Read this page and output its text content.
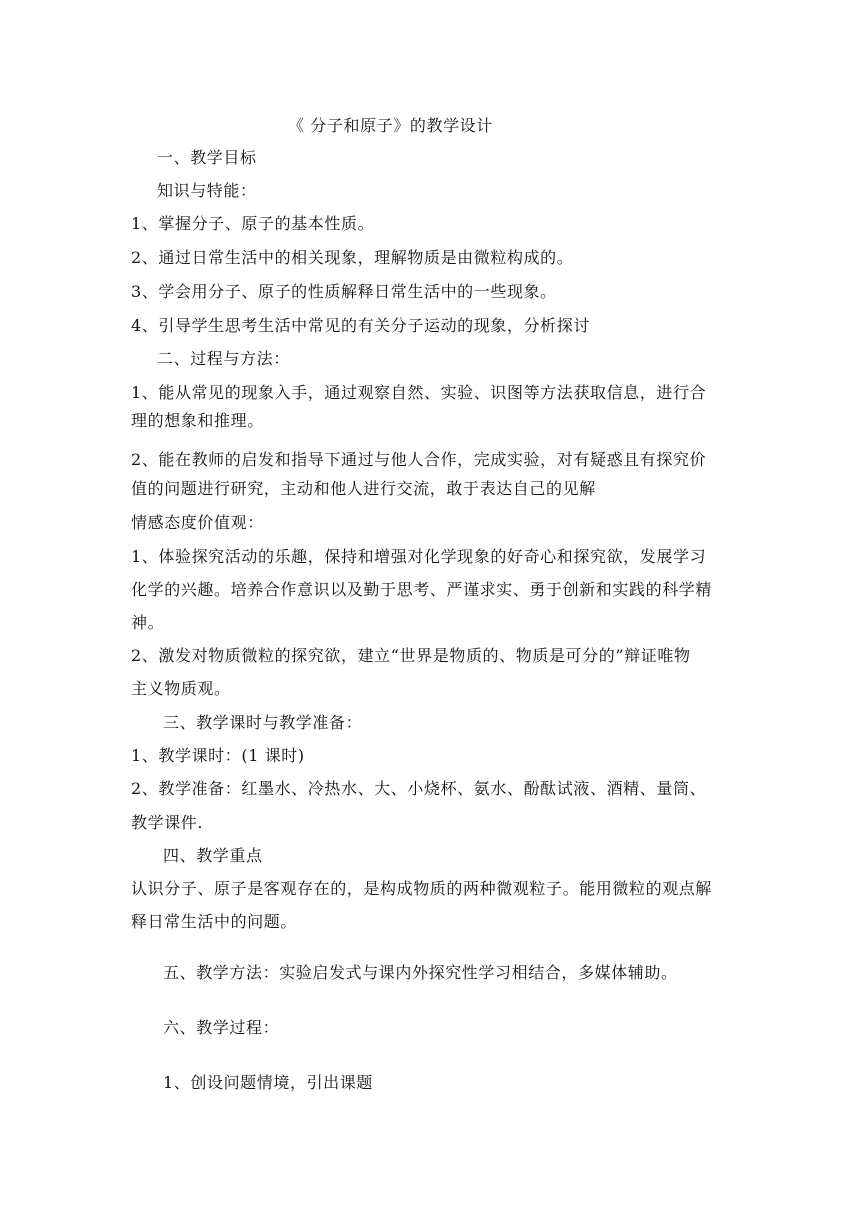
《 分子和原子》的教学设计
一、教学目标
知识与特能：
1、掌握分子、原子的基本性质。
2、通过日常生活中的相关现象，理解物质是由微粒构成的。
3、学会用分子、原子的性质解释日常生活中的一些现象。
4、引导学生思考生活中常见的有关分子运动的现象，分析探讨
二、过程与方法：
1、能从常见的现象入手，通过观察自然、实验、识图等方法获取信息，进行合
理的想象和推理。
2、能在教师的启发和指导下通过与他人合作，完成实验，对有疑惑且有探究价
值的问题进行研究，主动和他人进行交流，敢于表达自己的见解
情感态度价值观：
1、体验探究活动的乐趣，保持和增强对化学现象的好奇心和探究欲，发展学习
化学的兴趣。培养合作意识以及勤于思考、严谨求实、勇于创新和实践的科学精
神。
2、激发对物质微粒的探究欲，建立“世界是物质的、物质是可分的”辩证唯物
主义物质观。
三、教学课时与教学准备：
1、教学课时：(1 课时)
2、教学准备：红墨水、冷热水、大、小烧杯、氨水、酚酞试液、酒精、量筒、
教学课件.
四、教学重点
认识分子、原子是客观存在的，是构成物质的两种微观粒子。能用微粒的观点解
释日常生活中的问题。
五、教学方法：实验启发式与课内外探究性学习相结合，多媒体辅助。
六、教学过程：
1、创设问题情境，引出课题
